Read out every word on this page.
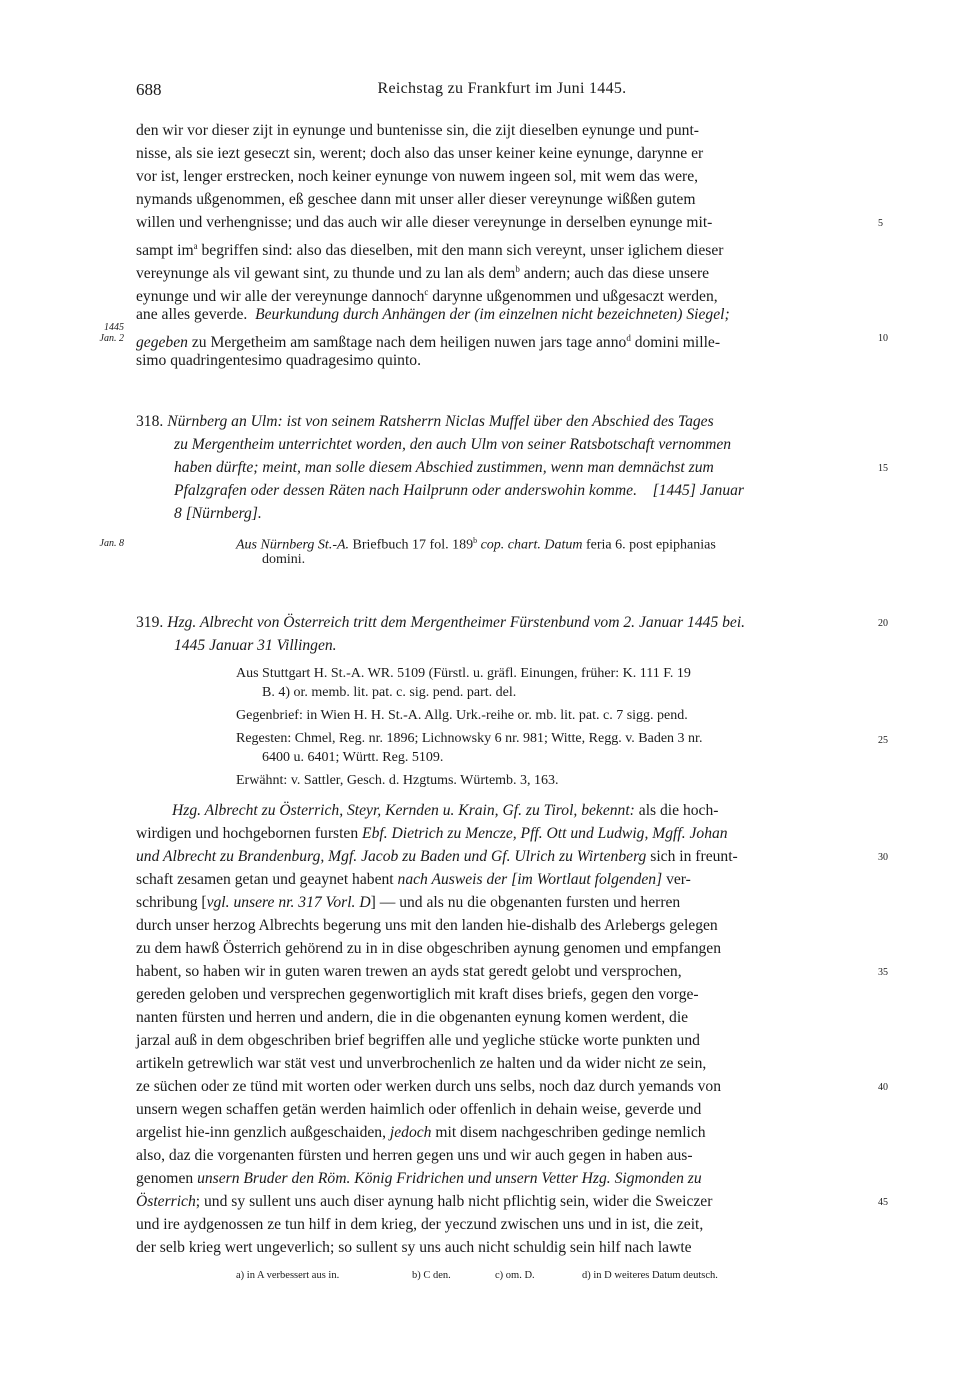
688	Reichstag zu Frankfurt im Juni 1445.
den wir vor dieser zijt in eynunge und buntenisse sin, die zijt dieselben eynunge und punt-
nisse, als sie iezt geseczt sin, werent; doch also das unser keiner keine eynunge, darynne er
vor ist, lenger erstrecken, noch keiner eynunge von nuwem ingeen sol, mit wem das were,
nymands ußgenommen, eß geschee dann mit unser aller dieser vereynunge wißßen gutem
willen und verhengnisse; und das auch wir alle dieser vereynunge in derselben eynunge mit-
sampt $im^a$ begriffen sind: also das dieselben, mit den mann sich vereynt, unser iglichem dieser
vereynunge als vil gewant sint, zu thunde und zu lan als dem$^b$ andern; auch das diese unsere
eynunge und wir alle der vereynunge dannoch$^c$ darynne ußgenommen und ußgesaczt werden,
ane alles geverde. Beurkundung durch Anhängen der (im einzelnen nicht bezeichneten) Siegel;
gegeben zu Mergetheim am samßtage nach dem heiligen nuwen jars tage anno$^d$ domini mille-
simo quadringentesimo quadragesimo quinto.
1445
Jan. 2
318. Nürnberg an Ulm: ist von seinem Ratsherrn Niclas Muffel über den Abschied des Tages
zu Mergentheim unterrichtet worden, den auch Ulm von seiner Ratsbotschaft vernommen
haben dürfte; meint, man solle diesem Abschied zustimmen, wenn man demnächst zum
Pfalzgrafen oder dessen Räten nach Hailprunn oder anderswohin komme. [1445] Januar
8 [Nürnberg].
Aus Nürnberg St.-A. Briefbuch 17 fol. 189$^b$ cop. chart. Datum feria 6. post epiphanias
domini.
Jan. 8
319. Hzg. Albrecht von Österreich tritt dem Mergentheimer Fürstenbund vom 2. Januar 1445 bei.
1445 Januar 31 Villingen.
Aus Stuttgart H. St.-A. WR. 5109 (Fürstl. u. gräfl. Einungen, früher: K. 111 F. 19
B. 4) or. memb. lit. pat. c. sig. pend. part. del.
Gegenbrief: in Wien H. H. St.-A. Allg. Urk.-reihe or. mb. lit. pat. c. 7 sigg. pend.
Regesten: Chmel, Reg. nr. 1896; Lichnowsky 6 nr. 981; Witte, Regg. v. Baden 3 nr.
6400 u. 6401; Württ. Reg. 5109.
Erwähnt: v. Sattler, Gesch. d. Hzgtums. Würtemb. 3, 163.
Hzg. Albrecht zu Österrich, Steyr, Kernden u. Krain, Gf. zu Tirol, bekennt: als die hoch-
wirdigen und hochgebornen fursten Ebf. Dietrich zu Mencze, Pff. Ott und Ludwig, Mgff. Johan
und Albrecht zu Brandenburg, Mgf. Jacob zu Baden und Gf. Ulrich zu Wirtenberg sich in freunt-
schaft zesamen getan und geaynet habent nach Ausweis der [im Wortlaut folgenden] ver-
schribung [vgl. unsere nr. 317 Vorl. D] — und als nu die obgenanten fursten und herren
durch unser herzog Albrechts begerung uns mit den landen hie-dishalb des Arlebergs gelegen
zu dem hawß Österrich gehörend zu in in dise obgeschriben aynung genomen und empfangen
habent, so haben wir in guten waren trewen an ayds stat geredt gelobt und versprochen,
gereden geloben und versprechen gegenwortiglich mit kraft dises briefs, gegen den vorge-
nanten fürsten und herren und andern, die in die obgenanten eynung komen werdent, die
jarzal auß in dem obgeschriben brief begriffen alle und yegliche stücke worte punkten und
artikeln getrewlich war stät vest und unverbrochenlich ze halten und da wider nicht ze sein,
ze süchen oder ze tünd mit worten oder werken durch uns selbs, noch daz durch yemands von
unsern wegen schaffen getän werden haimlich oder offenlich in dehain weise, geverde und
argelist hie-inn genzlich außgeschaiden, jedoch mit disem nachgeschriben gedinge nemlich
also, daz die vorgenanten fürsten und herren gegen uns und wir auch gegen in haben aus-
genomen unsern Bruder den Röm. König Fridrichen und unsern Vetter Hzg. Sigmonden zu
Österrich; und sy sullent uns auch diser aynung halb nicht pflichtig sein, wider die Sweiczer
und ire aydgenossen ze tun hilf in dem krieg, der yeczund zwischen uns und in ist, die zeit,
der selb krieg wert ungeverlich; so sullent sy uns auch nicht schuldig sein hilf nach lawte
5
10
15
20
25
30
35
40
45
a) in A verbessert aus in.	b) C den.	c) om. D.	d) in D weiteres Datum deutsch.
